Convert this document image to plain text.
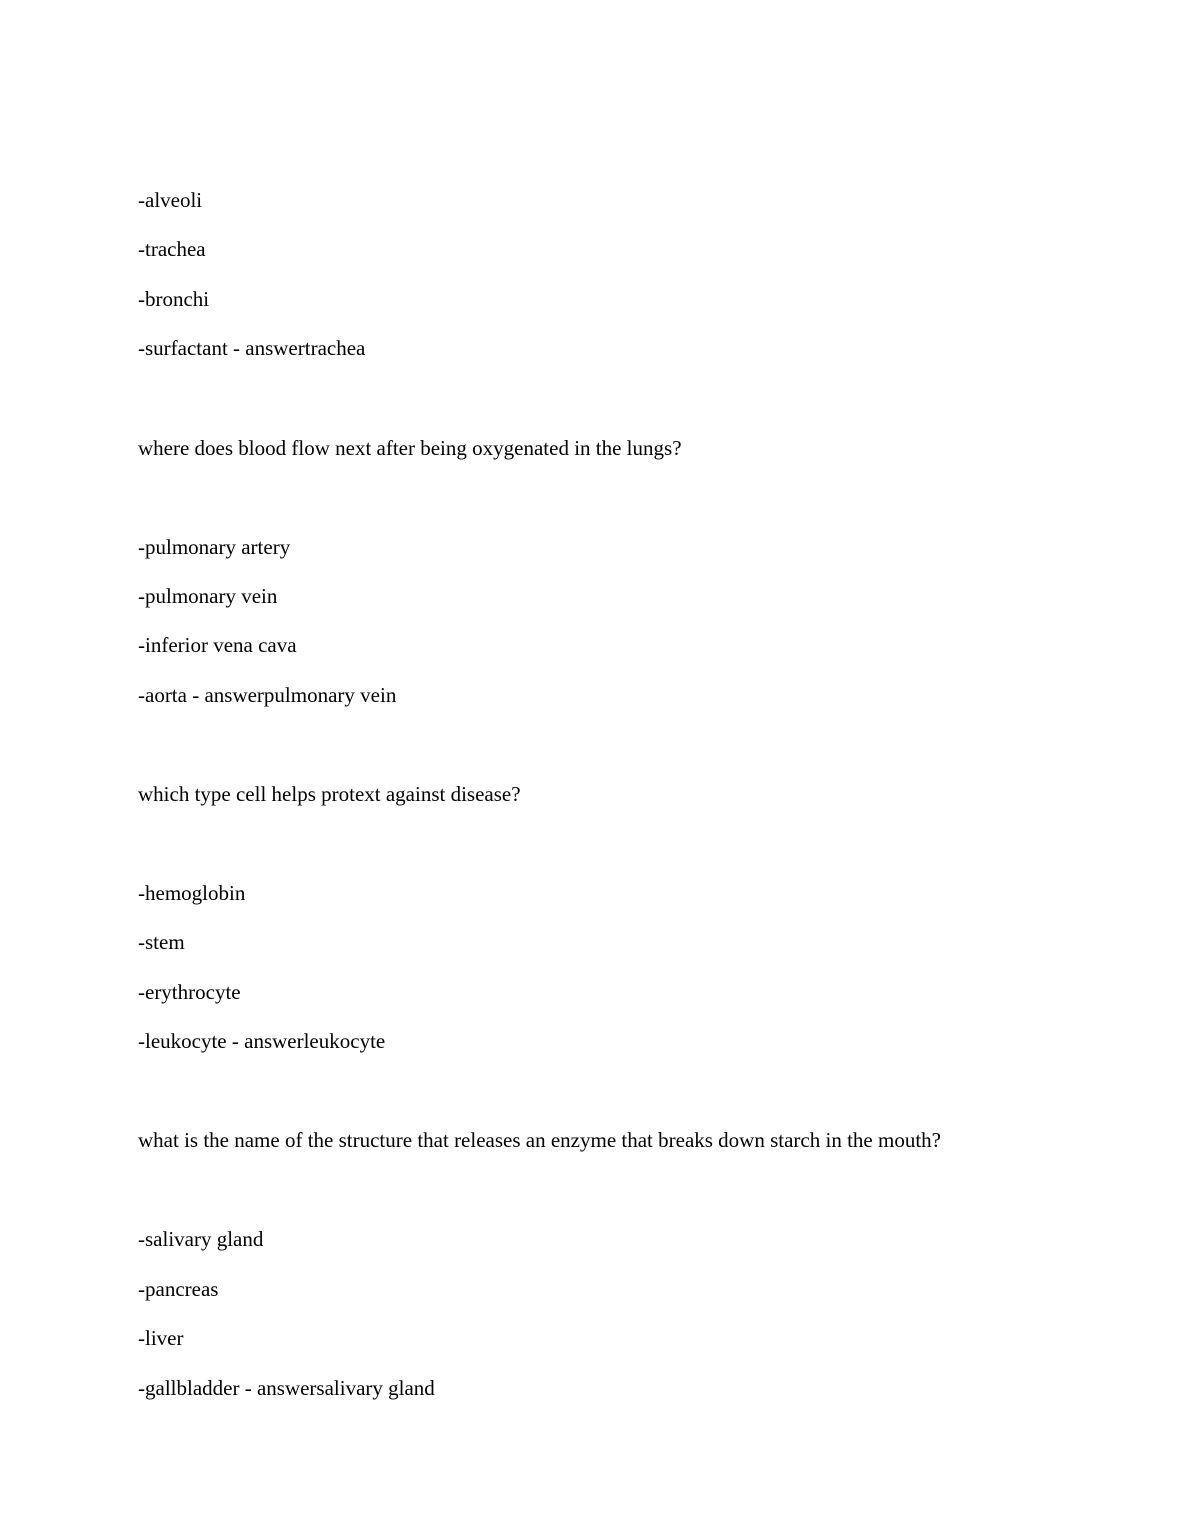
-alveoli

-trachea

-bronchi

-surfactant - answertrachea

where does blood flow next after being oxygenated in the lungs?

-pulmonary artery

-pulmonary vein

-inferior vena cava

-aorta - answerpulmonary vein

which type cell helps protext against disease?

-hemoglobin

-stem

-erythrocyte

-leukocyte - answerleukocyte

what is the name of the structure that releases an enzyme that breaks down starch in the mouth?

-salivary gland

-pancreas

-liver

-gallbladder - answersalivary gland
